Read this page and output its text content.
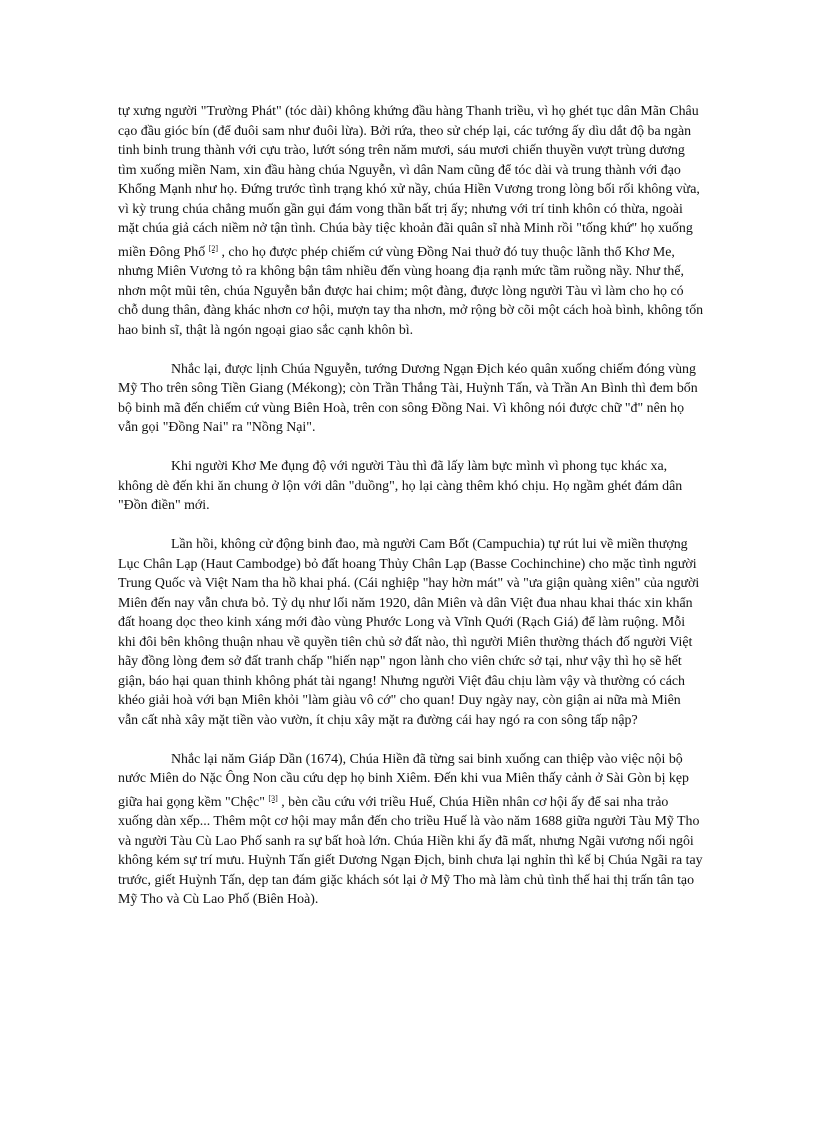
tự xưng người "Trường Phát" (tóc dài) không khứng đầu hàng Thanh triều, vì họ ghét tục dân Mãn Châu cạo đầu gióc bín (để đuôi sam như đuôi lừa). Bởi rứa, theo sử chép lại, các tướng ấy dìu dắt độ ba ngàn tinh binh trung thành với cựu trào, lướt sóng trên năm mươi, sáu mươi chiến thuyền vượt trùng dương tìm xuống miền Nam, xin đầu hàng chúa Nguyễn, vì dân Nam cũng để tóc dài và trung thành với đạo Khổng Mạnh như họ. Đứng trước tình trạng khó xử nầy, chúa Hiền Vương trong lòng bối rối không vừa, vì kỳ trung chúa chẳng muốn gần gụi đám vong thần bất trị ấy; nhưng với trí tinh khôn có thừa, ngoài mặt chúa giả cách niềm nở tận tình. Chúa bày tiệc khoản đãi quân sĩ nhà Minh rồi "tống khứ" họ xuống miền Đông Phố [2] , cho họ được phép chiếm cứ vùng Đồng Nai thuở đó tuy thuộc lãnh thổ Khơ Me, nhưng Miên Vương tỏ ra không bận tâm nhiều đến vùng hoang địa rạnh mức tầm ruồng nầy. Như thế, nhơn một mũi tên, chúa Nguyễn bắn được hai chim; một đàng, được lòng người Tàu vì làm cho họ có chỗ dung thân, đàng khác nhơn cơ hội, mượn tay tha nhơn, mở rộng bờ cõi một cách hoà bình, không tốn hao binh sĩ, thật là ngón ngoại giao sắc cạnh khôn bì.

Nhắc lại, được lịnh Chúa Nguyễn, tướng Dương Ngạn Địch kéo quân xuống chiếm đóng vùng Mỹ Tho trên sông Tiền Giang (Mékong); còn Trần Thắng Tài, Huỳnh Tấn, và Trần An Bình thì đem bổn bộ binh mã đến chiếm cứ vùng Biên Hoà, trên con sông Đồng Nai. Vì không nói được chữ "đ" nên họ vẫn gọi "Đồng Nai" ra "Nồng Nại".

Khi người Khơ Me đụng độ với người Tàu thì đã lấy làm bực mình vì phong tục khác xa, không dè đến khi ăn chung ở lộn với dân "duồng", họ lại càng thêm khó chịu. Họ ngầm ghét đám dân "Đồn điền" mới.

Lần hồi, không cử động binh đao, mà người Cam Bốt (Campuchia) tự rút lui về miền thượng Lục Chân Lạp (Haut Cambodge) bỏ đất hoang Thủy Chân Lạp (Basse Cochinchine) cho mặc tình người Trung Quốc và Việt Nam tha hồ khai phá. (Cái nghiệp "hay hờn mát" và "ưa giận quàng xiên" của người Miên đến nay vẫn chưa bỏ. Tỷ dụ như lối năm 1920, dân Miên và dân Việt đua nhau khai thác xin khẩn đất hoang dọc theo kinh xáng mới đào vùng Phước Long và Vĩnh Quới (Rạch Giá) để làm ruộng. Mỗi khi đôi bên không thuận nhau về quyền tiên chủ sở đất nào, thì người Miên thường thách đố người Việt hãy đồng lòng đem sở đất tranh chấp "hiến nạp" ngon lành cho viên chức sở tại, như vậy thì họ sẽ hết giận, báo hại quan thinh không phát tài ngang! Nhưng người Việt đâu chịu làm vậy và thường có cách khéo giải hoà với bạn Miên khỏi "làm giàu vô cớ" cho quan! Duy ngày nay, còn giận ai nữa mà Miên vẫn cất nhà xây mặt tiền vào vườn, ít chịu xây mặt ra đường cái hay ngó ra con sông tấp nập?

Nhắc lại năm Giáp Dần (1674), Chúa Hiền đã từng sai binh xuống can thiệp vào việc nội bộ nước Miên do Nặc Ông Non cầu cứu dẹp họ binh Xiêm. Đến khi vua Miên thấy cảnh ở Sài Gòn bị kẹp giữa hai gọng kềm "Chệc" [3] , bèn cầu cứu với triều Huế, Chúa Hiền nhân cơ hội ấy để sai nha trảo xuống dàn xếp... Thêm một cơ hội may mắn đến cho triều Huế là vào năm 1688 giữa người Tàu Mỹ Tho và người Tàu Cù Lao Phố sanh ra sự bất hoà lớn. Chúa Hiền khi ấy đã mất, nhưng Ngãi vương nối ngôi không kém sự trí mưu. Huỳnh Tấn giết Dương Ngạn Địch, binh chưa lại nghỉn thì kế bị Chúa Ngãi ra tay trước, giết Huỳnh Tấn, dẹp tan đám giặc khách sót lại ở Mỹ Tho mà làm chủ tình thế hai thị trấn tân tạo Mỹ Tho và Cù Lao Phố (Biên Hoà).
